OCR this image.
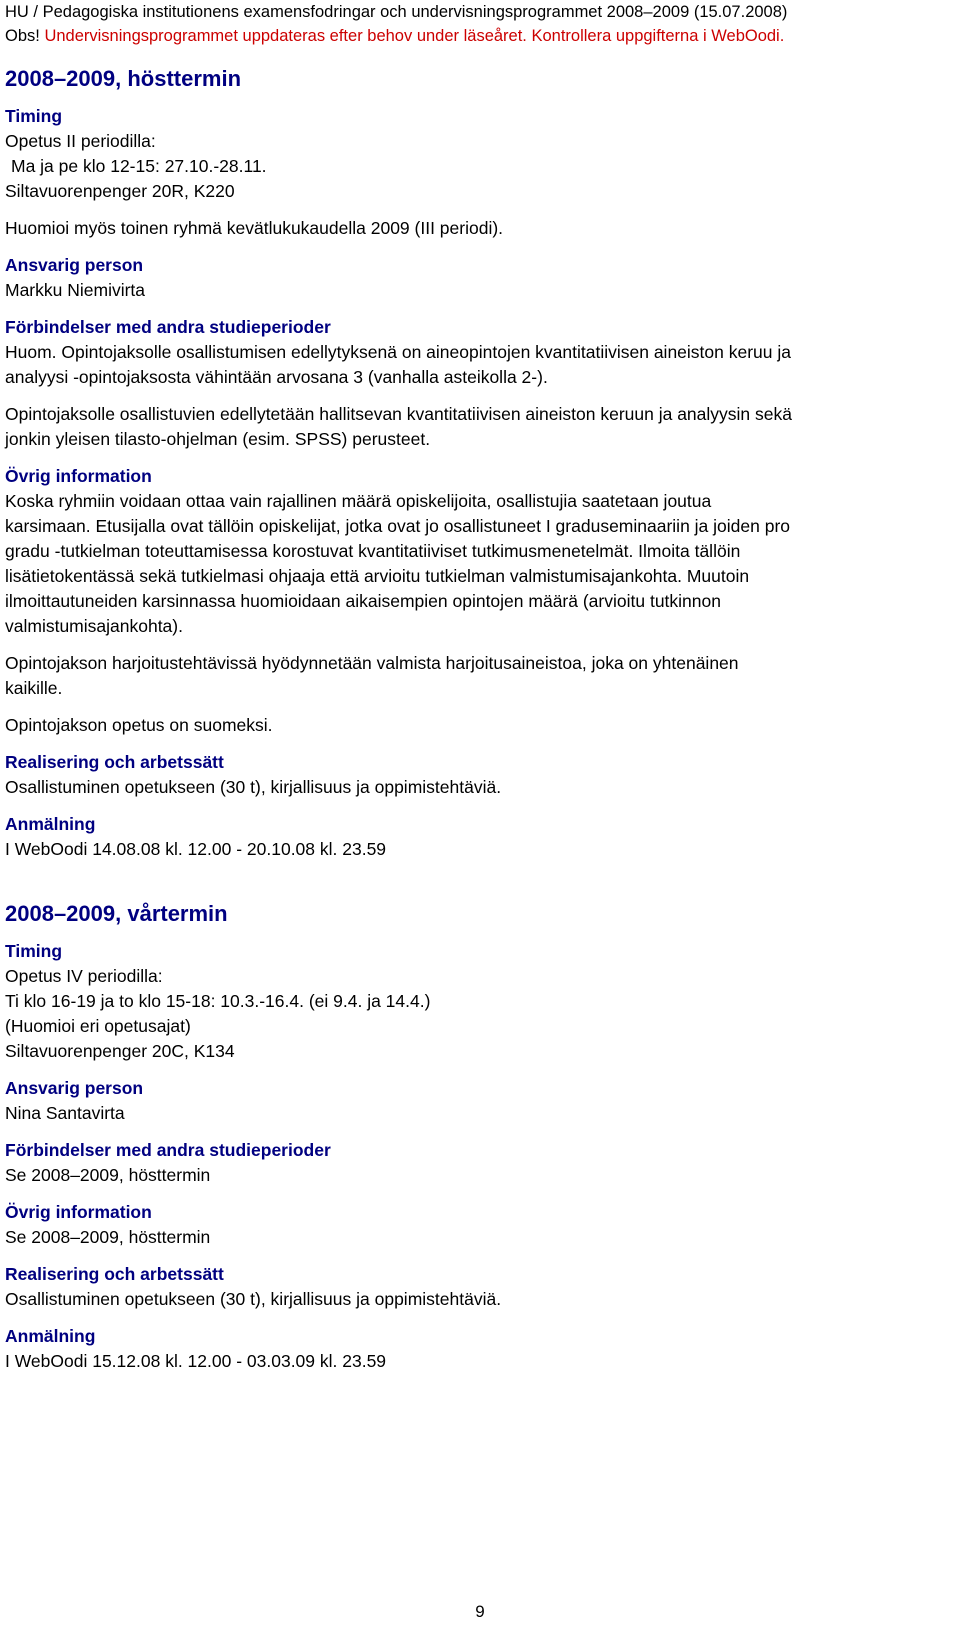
HU / Pedagogiska institutionens examensfodringar och undervisningsprogrammet 2008–2009 (15.07.2008)
Obs! Undervisningsprogrammet uppdateras efter behov under läseåret. Kontrollera uppgifterna i WebOodi.
2008–2009, hösttermin
Timing
Opetus II periodilla:
Ma ja pe klo 12-15: 27.10.-28.11.
Siltavuorenpenger 20R, K220
Huomioi myös toinen ryhmä kevätlukukaudella 2009 (III periodi).
Ansvarig person
Markku Niemivirta
Förbindelser med andra studieperioder
Huom. Opintojaksolle osallistumisen edellytyksenä on aineopintojen kvantitatiivisen aineiston keruu ja
analyysi -opintojaksosta vähintään arvosana 3 (vanhalla asteikolla 2-).
Opintojaksolle osallistuvien edellytetään hallitsevan kvantitatiivisen aineiston keruun ja analyysin sekä
jonkin yleisen tilasto-ohjelman (esim. SPSS) perusteet.
Övrig information
Koska ryhmiin voidaan ottaa vain rajallinen määrä opiskelijoita, osallistujia saatetaan joutua
karsimaan. Etusijalla ovat tällöin opiskelijat, jotka ovat jo osallistuneet I graduseminaariin ja joiden pro
gradu -tutkielman toteuttamisessa korostuvat kvantitatiiviset tutkimusmenetelmät. Ilmoita tällöin
lisätietokentässä sekä tutkielmasi ohjaaja että arvioitu tutkielman valmistumisajankohta. Muutoin
ilmoittautuneiden karsinnassa huomioidaan aikaisempien opintojen määrä (arvioitu tutkinnon
valmistumisajankohta).
Opintojakson harjoitustehtävissä hyödynnetään valmista harjoitusaineistoa, joka on yhtenäinen
kaikille.
Opintojakson opetus on suomeksi.
Realisering och arbetssätt
Osallistuminen opetukseen (30 t), kirjallisuus ja oppimistehtäviä.
Anmälning
I WebOodi 14.08.08 kl. 12.00 - 20.10.08 kl. 23.59
2008–2009, vårtermin
Timing
Opetus IV periodilla:
Ti klo 16-19 ja to klo 15-18: 10.3.-16.4. (ei 9.4. ja 14.4.)
(Huomioi eri opetusajat)
Siltavuorenpenger 20C, K134
Ansvarig person
Nina Santavirta
Förbindelser med andra studieperioder
Se 2008–2009, hösttermin
Övrig information
Se 2008–2009, hösttermin
Realisering och arbetssätt
Osallistuminen opetukseen (30 t), kirjallisuus ja oppimistehtäviä.
Anmälning
I WebOodi 15.12.08 kl. 12.00 - 03.03.09 kl. 23.59
9
